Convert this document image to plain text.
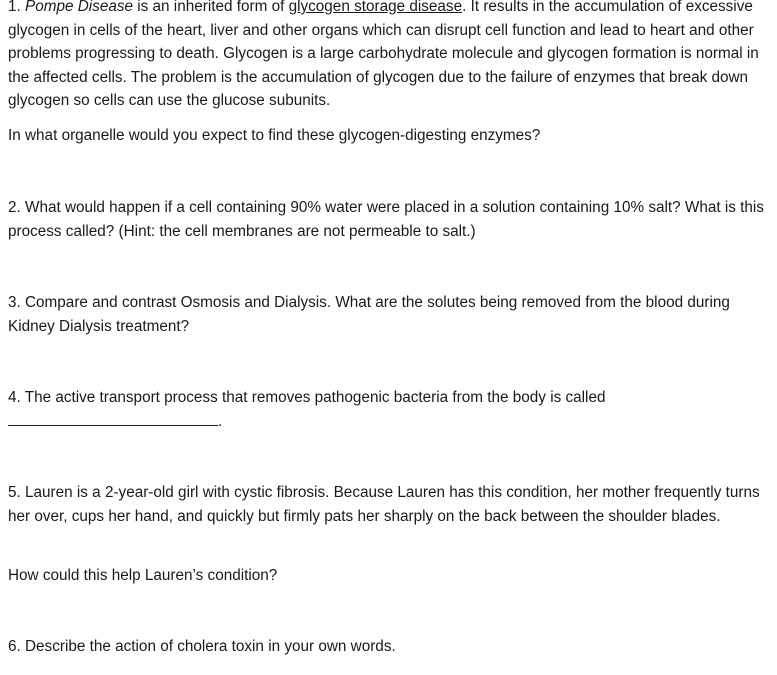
1. Pompe Disease is an inherited form of glycogen storage disease. It results in the accumulation of excessive glycogen in cells of the heart, liver and other organs which can disrupt cell function and lead to heart and other problems progressing to death. Glycogen is a large carbohydrate molecule and glycogen formation is normal in the affected cells. The problem is the accumulation of glycogen due to the failure of enzymes that break down glycogen so cells can use the glucose subunits.

In what organelle would you expect to find these glycogen-digesting enzymes?

2. What would happen if a cell containing 90% water were placed in a solution containing 10% salt? What is this process called? (Hint: the cell membranes are not permeable to salt.)

3. Compare and contrast Osmosis and Dialysis. What are the solutes being removed from the blood during Kidney Dialysis treatment?

4. The active transport process that removes pathogenic bacteria from the body is called

.

5. Lauren is a 2-year-old girl with cystic fibrosis. Because Lauren has this condition, her mother frequently turns her over, cups her hand, and quickly but firmly pats her sharply on the back between the shoulder blades.

How could this help Lauren’s condition?

6. Describe the action of cholera toxin in your own words.
